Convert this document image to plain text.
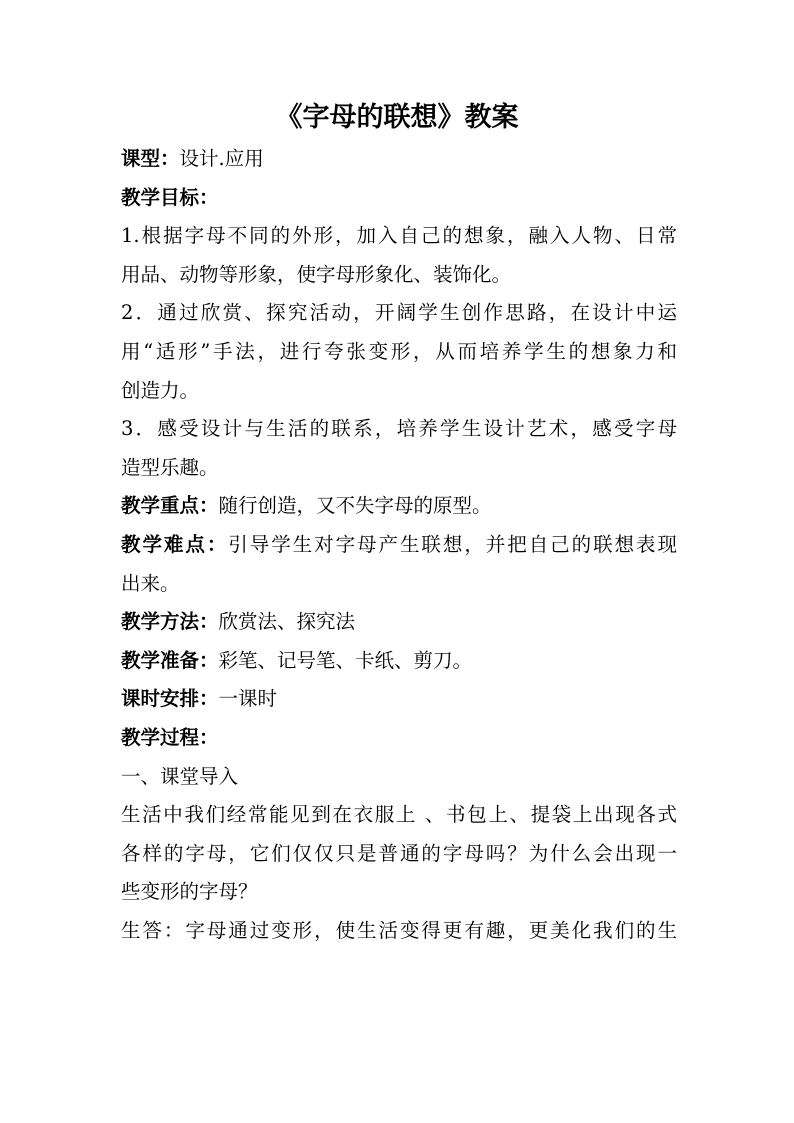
《字母的联想》教案
课型：设计.应用
教学目标：
1.根据字母不同的外形，加入自己的想象，融入人物、日常
用品、动物等形象，使字母形象化、装饰化。
2．通过欣赏、探究活动，开阔学生创作思路，在设计中运
用“适形”手法，进行夸张变形，从而培养学生的想象力和
创造力。
3．感受设计与生活的联系，培养学生设计艺术，感受字母
造型乐趣。
教学重点：随行创造，又不失字母的原型。
教学难点：引导学生对字母产生联想，并把自己的联想表现
出来。
教学方法：欣赏法、探究法
教学准备：彩笔、记号笔、卡纸、剪刀。
课时安排：一课时
教学过程：
一、课堂导入
生活中我们经常能见到在衣服上 、书包上、提袋上出现各式
各样的字母，它们仅仅只是普通的字母吗？为什么会出现一
些变形的字母？
生答：字母通过变形，使生活变得更有趣，更美化我们的生
